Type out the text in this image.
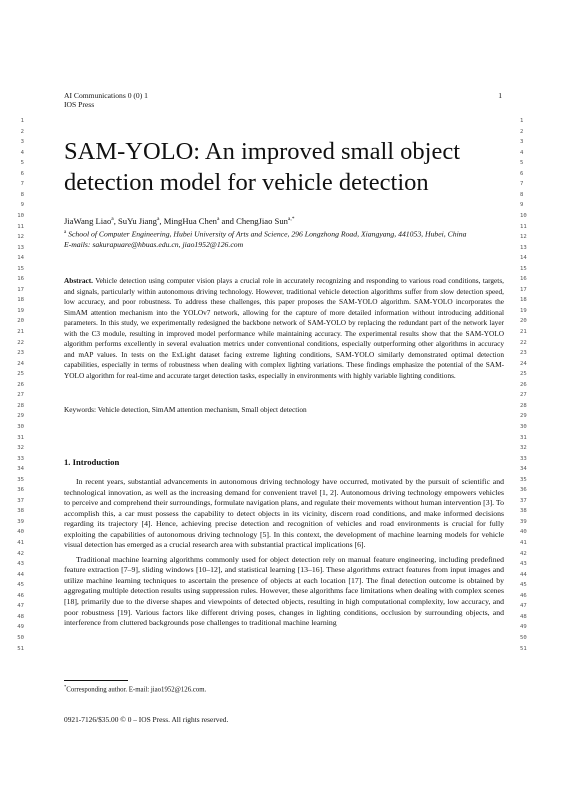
AI Communications 0 (0) 1
IOS Press
1
1
2
3
4
5
6
7
8
9
10
11
12
13
14
15
16
17
18
19
20
21
22
23
24
25
26
27
28
29
30
31
32
33
34
35
36
37
38
39
40
41
42
43
44
45
46
47
48
49
50
51
1
2
3
4
5
6
7
8
9
10
11
12
13
14
15
16
17
18
19
20
21
22
23
24
25
26
27
28
29
30
31
32
33
34
35
36
37
38
39
40
41
42
43
44
45
46
47
48
49
50
51
SAM-YOLO: An improved small object detection model for vehicle detection
JiaWang Liao$^a$, SuYu Jiang$^a$, MingHua Chen$^a$ and ChengJiao Sun$^{a,*}$
$^a$ School of Computer Engineering, Hubei University of Arts and Science, 296 Longzhong Road, Xiangyang, 441053, Hubei, China
E-mails: sakurapuare@hbuas.edu.cn, jiao1952@126.com
Abstract. Vehicle detection using computer vision plays a crucial role in accurately recognizing and responding to various road conditions, targets, and signals, particularly within autonomous driving technology. However, traditional vehicle detection algorithms suffer from slow detection speed, low accuracy, and poor robustness. To address these challenges, this paper proposes the SAM-YOLO algorithm. SAM-YOLO incorporates the SimAM attention mechanism into the YOLOv7 network, allowing for the capture of more detailed information without introducing additional parameters. In this study, we experimentally redesigned the backbone network of SAM-YOLO by replacing the redundant part of the network layer with the C3 module, resulting in improved model performance while maintaining accuracy. The experimental results show that the SAM-YOLO algorithm performs excellently in several evaluation metrics under conventional conditions, especially outperforming other algorithms in accuracy and mAP values. In tests on the ExLight dataset facing extreme lighting conditions, SAM-YOLO similarly demonstrated optimal detection capabilities, especially in terms of robustness when dealing with complex lighting variations. These findings emphasize the potential of the SAM-YOLO algorithm for real-time and accurate target detection tasks, especially in environments with highly variable lighting conditions.
Keywords: Vehicle detection, SimAM attention mechanism, Small object detection
1. Introduction

In recent years, substantial advancements in autonomous driving technology have occurred, motivated by the pursuit of scientific and technological innovation, as well as the increasing demand for convenient travel [1, 2]. Autonomous driving technology empowers vehicles to perceive and comprehend their surroundings, formulate navigation plans, and regulate their movements without human intervention [3]. To accomplish this, a car must possess the capability to detect objects in its vicinity, discern road conditions, and make informed decisions regarding its trajectory [4]. Hence, achieving precise detection and recognition of vehicles and road environments is crucial for fully exploiting the capabilities of autonomous driving technology [5]. In this context, the development of machine learning models for vehicle visual detection has emerged as a crucial research area with substantial practical implications [6].

Traditional machine learning algorithms commonly used for object detection rely on manual feature engineering, including predefined feature extraction [7–9], sliding windows [10–12], and statistical learning [13–16]. These algorithms extract features from input images and utilize machine learning techniques to ascertain the presence of objects at each location [17]. The final detection outcome is obtained by aggregating multiple detection results using suppression rules. However, these algorithms face limitations when dealing with complex scenes [18], primarily due to the diverse shapes and viewpoints of detected objects, resulting in high computational complexity, low accuracy, and poor robustness [19]. Various factors like different driving poses, changes in lighting conditions, occlusion by surrounding objects, and interference from cluttered backgrounds pose challenges to traditional machine learning

*Corresponding author. E-mail: jiao1952@126.com.
0921-7126/$35.00 © 0 – IOS Press. All rights reserved.
